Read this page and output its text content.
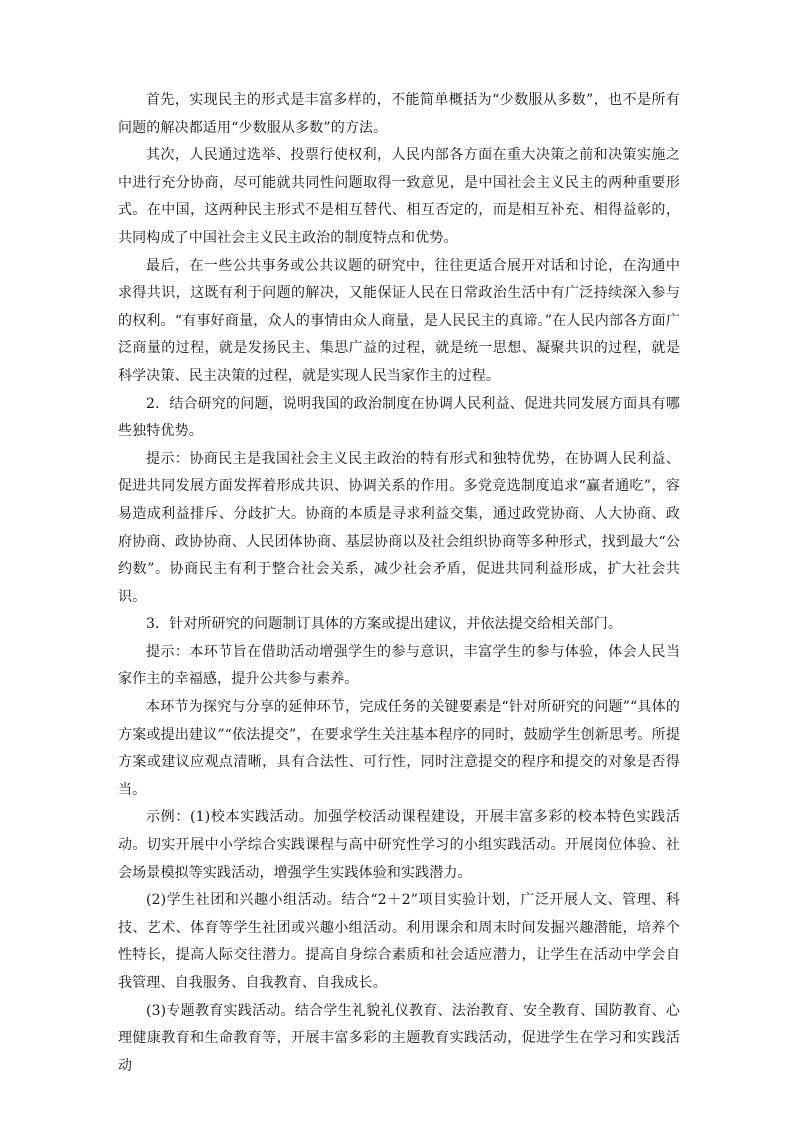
首先，实现民主的形式是丰富多样的，不能简单概括为“少数服从多数”，也不是所有问题的解决都适用“少数服从多数”的方法。

其次，人民通过选举、投票行使权利，人民内部各方面在重大决策之前和决策实施之中进行充分协商，尽可能就共同性问题取得一致意见，是中国社会主义民主的两种重要形式。在中国，这两种民主形式不是相互替代、相互否定的，而是相互补充、相得益彰的，共同构成了中国社会主义民主政治的制度特点和优势。

最后，在一些公共事务或公共议题的研究中，往往更适合展开对话和讨论，在沟通中求得共识，这既有利于问题的解决，又能保证人民在日常政治生活中有广泛持续深入参与的权利。“有事好商量，众人的事情由众人商量，是人民民主的真谛。”在人民内部各方面广泛商量的过程，就是发扬民主、集思广益的过程，就是统一思想、凝聚共识的过程，就是科学决策、民主决策的过程，就是实现人民当家作主的过程。

2．结合研究的问题，说明我国的政治制度在协调人民利益、促进共同发展方面具有哪些独特优势。

提示：协商民主是我国社会主义民主政治的特有形式和独特优势，在协调人民利益、促进共同发展方面发挥着形成共识、协调关系的作用。多党竞选制度追求“赢者通吃”，容易造成利益排斥、分歧扩大。协商的本质是寻求利益交集，通过政党协商、人大协商、政府协商、政协协商、人民团体协商、基层协商以及社会组织协商等多种形式，找到最大“公约数”。协商民主有利于整合社会关系，减少社会矛盾，促进共同利益形成，扩大社会共识。

3．针对所研究的问题制订具体的方案或提出建议，并依法提交给相关部门。

提示：本环节旨在借助活动增强学生的参与意识，丰富学生的参与体验，体会人民当家作主的幸福感，提升公共参与素养。

本环节为探究与分享的延伸环节，完成任务的关键要素是“针对所研究的问题”“具体的方案或提出建议”“依法提交”，在要求学生关注基本程序的同时，鼓励学生创新思考。所提方案或建议应观点清晰，具有合法性、可行性，同时注意提交的程序和提交的对象是否得当。

示例：(1)校本实践活动。加强学校活动课程建设，开展丰富多彩的校本特色实践活动。切实开展中小学综合实践课程与高中研究性学习的小组实践活动。开展岗位体验、社会场景模拟等实践活动，增强学生实践体验和实践潜力。

(2)学生社团和兴趣小组活动。结合“2＋2”项目实验计划，广泛开展人文、管理、科技、艺术、体育等学生社团或兴趣小组活动。利用课余和周末时间发掘兴趣潜能，培养个性特长，提高人际交往潜力。提高自身综合素质和社会适应潜力，让学生在活动中学会自我管理、自我服务、自我教育、自我成长。

(3)专题教育实践活动。结合学生礼貌礼仪教育、法治教育、安全教育、国防教育、心理健康教育和生命教育等，开展丰富多彩的主题教育实践活动，促进学生在学习和实践活动
